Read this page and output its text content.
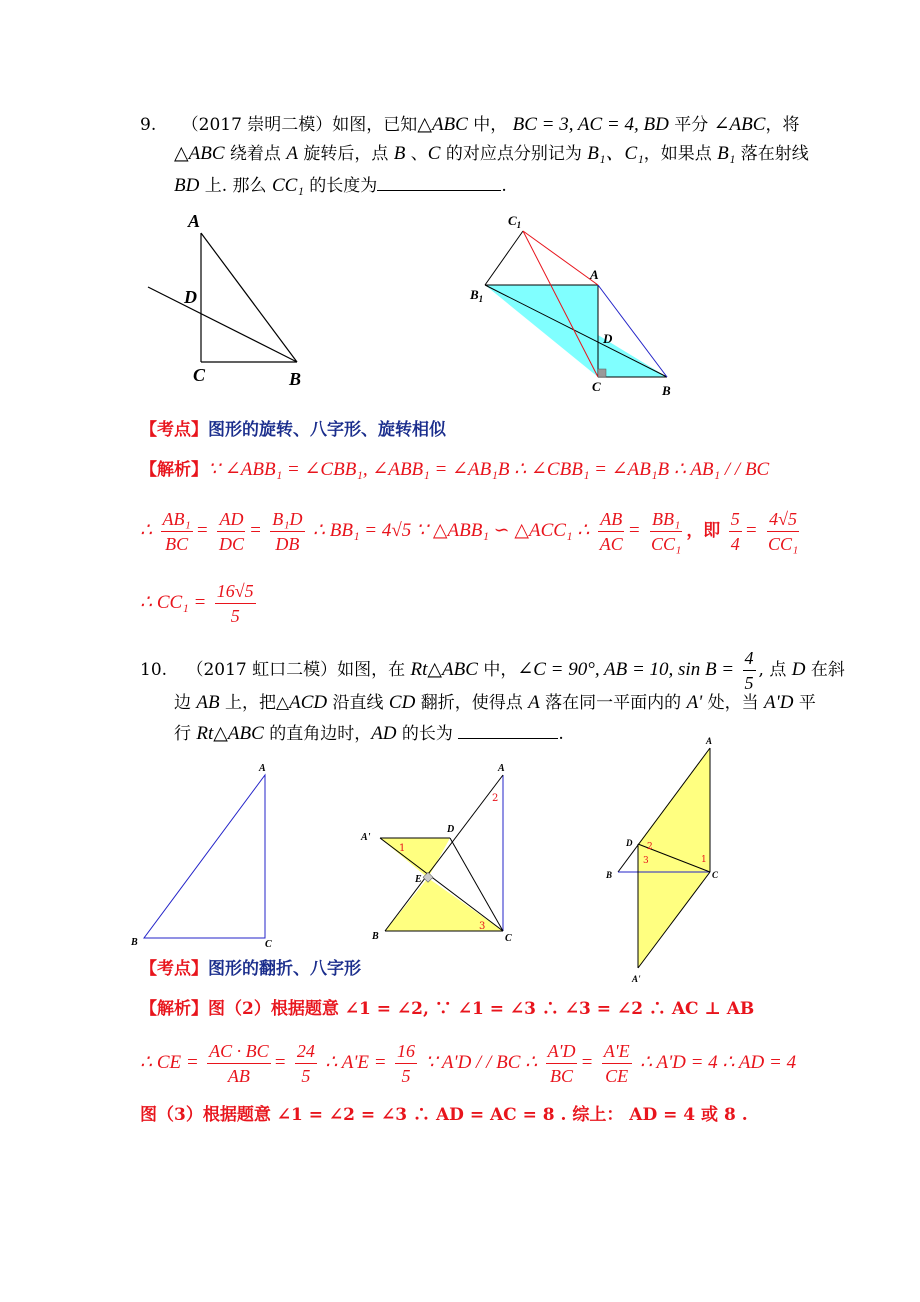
9. （2017 崇明二模）如图，已知△ABC 中， BC = 3, AC = 4, BD 平分 ∠ABC，将
△ABC 绕着点 A 旋转后，点 B 、C 的对应点分别记为 B₁、C₁，如果点 B₁ 落在射线
BD 上. 那么 CC₁ 的长度为	.
A
D
C	B
$C_1$
A
$B_1$
D
C	B
【考点】图形的旋转、八字形、旋转相似
【解析】∵ ∠ABB₁ = ∠CBB₁, ∠ABB₁ = ∠AB₁B ∴ ∠CBB₁ = ∠AB₁B ∴ AB₁ / / BC
∴ $\frac{\text{AB₁}}{BC} = \frac{AD}{DC} = \frac{\text{B₁D}}{DB}$ ∴ BB₁ = 4√5 ∵ △ABB₁ ∽ △ACC₁ ∴ $\frac{AB}{AC} = \frac{\text{BB₁}}{\text{CC₁}}$ ，即 $\frac{5}{4} = \frac{4√5}{\text{CC₁}}$
∴ $CC_1 = \frac{16√5}{5}$
10. （2017 虹口二模）如图，在 Rt△ABC 中，∠C = 90°, AB = 10, $\sin B = \frac{4}{5}$ , 点 D 在斜
边 AB 上，把△ACD 沿直线 CD 翻折，使得点 A 落在同一平面内的 A' 处，当 A'D 平
行 Rt△ABC 的直角边时，AD 的长为	.
A
B	C
A
A'
D
E
B	C
1
2
3
A
D
B	C
A'
1
2
3
【考点】图形的翻折、八字形
【解析】图（2）根据题意 ∠1 = ∠2, ∵ ∠1 = ∠3 ∴ ∠3 = ∠2 ∴ AC ⊥ AB
∴ CE = $\frac{AC \cdot BC}{AB} = \frac{24}{5}$ ∴ $A'E = \frac{16}{5}$ ∵ A'D / / BC ∴ $\frac{A'D}{BC} = \frac{A'E}{CE}$ ∴ A'D = 4 ∴ AD = 4
图（3）根据题意 ∠1 = ∠2 = ∠3 ∴ AD = AC = 8 . 综上： AD = 4 或 8 .
